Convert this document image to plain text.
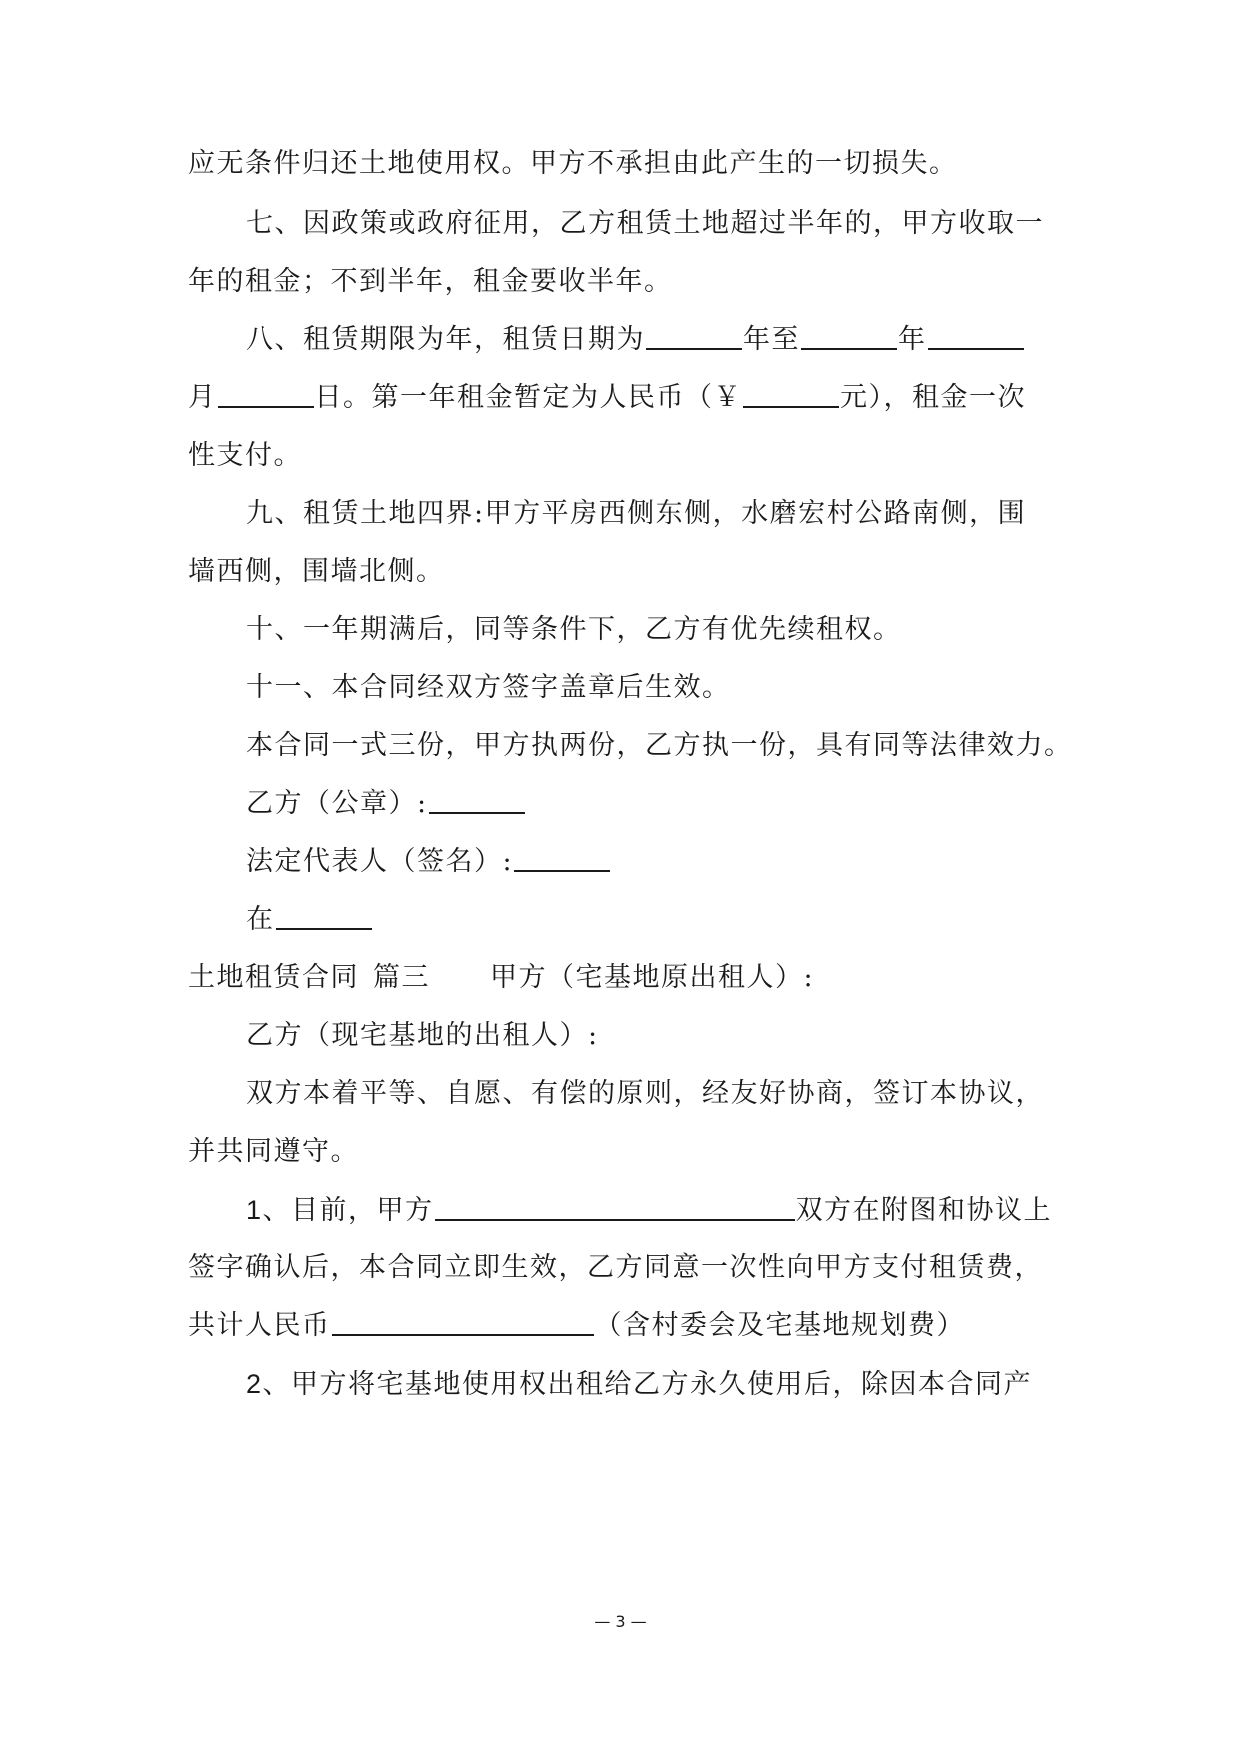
应无条件归还土地使用权。甲方不承担由此产生的一切损失。
七、因政策或政府征用，乙方租赁土地超过半年的，甲方收取一
年的租金；不到半年，租金要收半年。
八、租赁期限为年，租赁日期为	年至	年
月	日。第一年租金暂定为人民币（￥	元），租金一次
性支付。
九、租赁土地四界:甲方平房西侧东侧，水磨宏村公路南侧，围
墙西侧，围墙北侧。
十、一年期满后，同等条件下，乙方有优先续租权。
十一、本合同经双方签字盖章后生效。
本合同一式三份，甲方执两份，乙方执一份，具有同等法律效力。
乙方（公章）:
法定代表人（签名）:
在
土地租赁合同 篇三 甲方（宅基地原出租人）:
乙方（现宅基地的出租人）:
双方本着平等、自愿、有偿的原则，经友好协商，签订本协议，
并共同遵守。
1、目前，甲方	双方在附图和协议上
签字确认后，本合同立即生效，乙方同意一次性向甲方支付租赁费，
共计人民币	（含村委会及宅基地规划费）
2、甲方将宅基地使用权出租给乙方永久使用后，除因本合同产
— 3 —
